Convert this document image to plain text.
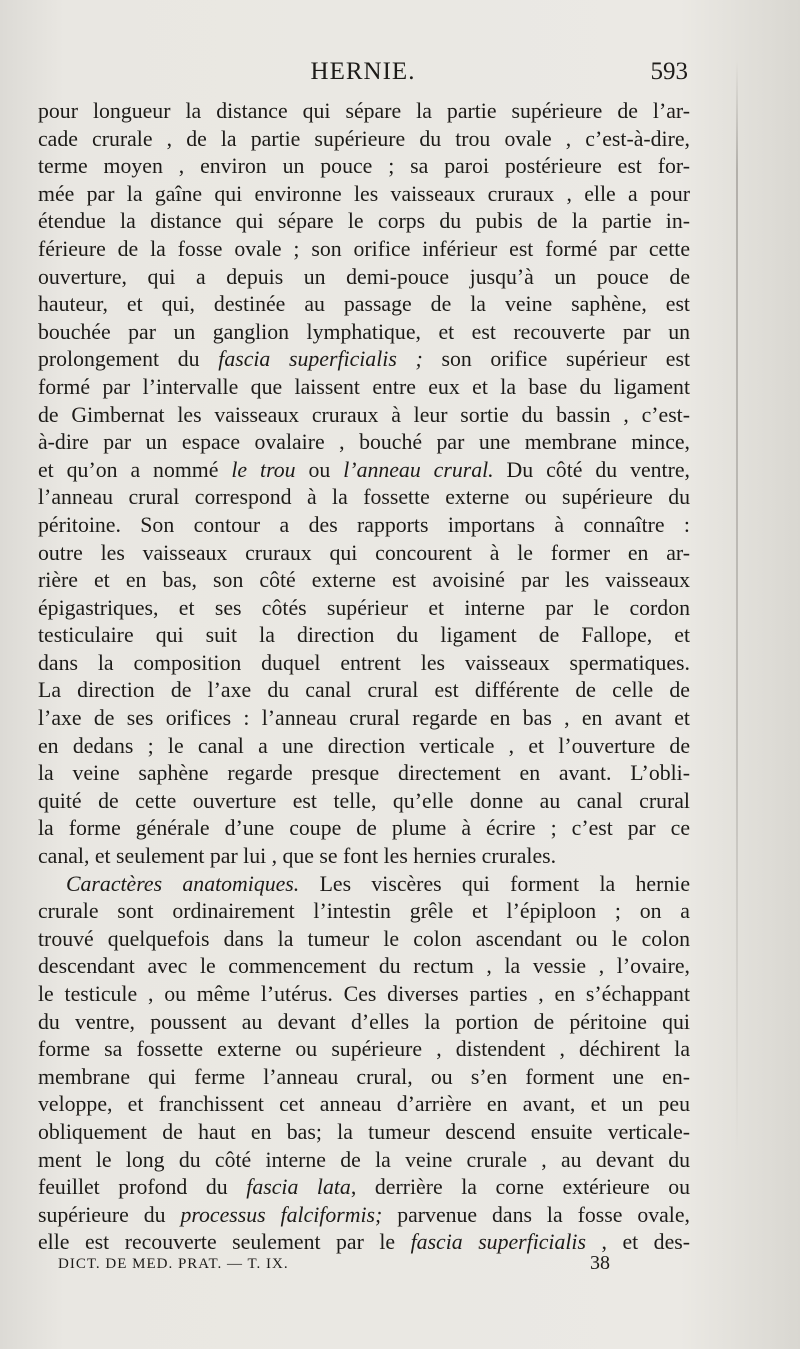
HERNIE.	593
pour longueur la distance qui sépare la partie supérieure de l’ar-
cade crurale , de la partie supérieure du trou ovale , c’est-à-dire,
terme moyen , environ un pouce ; sa paroi postérieure est for-
mée par la gaîne qui environne les vaisseaux cruraux , elle a pour
étendue la distance qui sépare le corps du pubis de la partie in-
férieure de la fosse ovale ; son orifice inférieur est formé par cette
ouverture, qui a depuis un demi-pouce jusqu’à un pouce de
hauteur, et qui, destinée au passage de la veine saphène, est
bouchée par un ganglion lymphatique, et est recouverte par un
prolongement du fascia superficialis ; son orifice supérieur est
formé par l’intervalle que laissent entre eux et la base du ligament
de Gimbernat les vaisseaux cruraux à leur sortie du bassin , c’est-
à-dire par un espace ovalaire , bouché par une membrane mince,
et qu’on a nommé le trou ou l’anneau crural. Du côté du ventre,
l’anneau crural correspond à la fossette externe ou supérieure du
péritoine. Son contour a des rapports importans à connaître :
outre les vaisseaux cruraux qui concourent à le former en ar-
rière et en bas, son côté externe est avoisiné par les vaisseaux
épigastriques, et ses côtés supérieur et interne par le cordon
testiculaire qui suit la direction du ligament de Fallope, et
dans la composition duquel entrent les vaisseaux spermatiques.
La direction de l’axe du canal crural est différente de celle de
l’axe de ses orifices : l’anneau crural regarde en bas , en avant et
en dedans ; le canal a une direction verticale , et l’ouverture de
la veine saphène regarde presque directement en avant. L’obli-
quité de cette ouverture est telle, qu’elle donne au canal crural
la forme générale d’une coupe de plume à écrire ; c’est par ce
canal, et seulement par lui , que se font les hernies crurales.
Caractères anatomiques. Les viscères qui forment la hernie
crurale sont ordinairement l’intestin grêle et l’épiploon ; on a
trouvé quelquefois dans la tumeur le colon ascendant ou le colon
descendant avec le commencement du rectum , la vessie , l’ovaire,
le testicule , ou même l’utérus. Ces diverses parties , en s’échappant
du ventre, poussent au devant d’elles la portion de péritoine qui
forme sa fossette externe ou supérieure , distendent , déchirent la
membrane qui ferme l’anneau crural, ou s’en forment une en-
veloppe, et franchissent cet anneau d’arrière en avant, et un peu
obliquement de haut en bas; la tumeur descend ensuite verticale-
ment le long du côté interne de la veine crurale , au devant du
feuillet profond du fascia lata, derrière la corne extérieure ou
supérieure du processus falciformis; parvenue dans la fosse ovale,
elle est recouverte seulement par le fascia superficialis , et des-
DICT. DE MED. PRAT. — T. IX.	38
